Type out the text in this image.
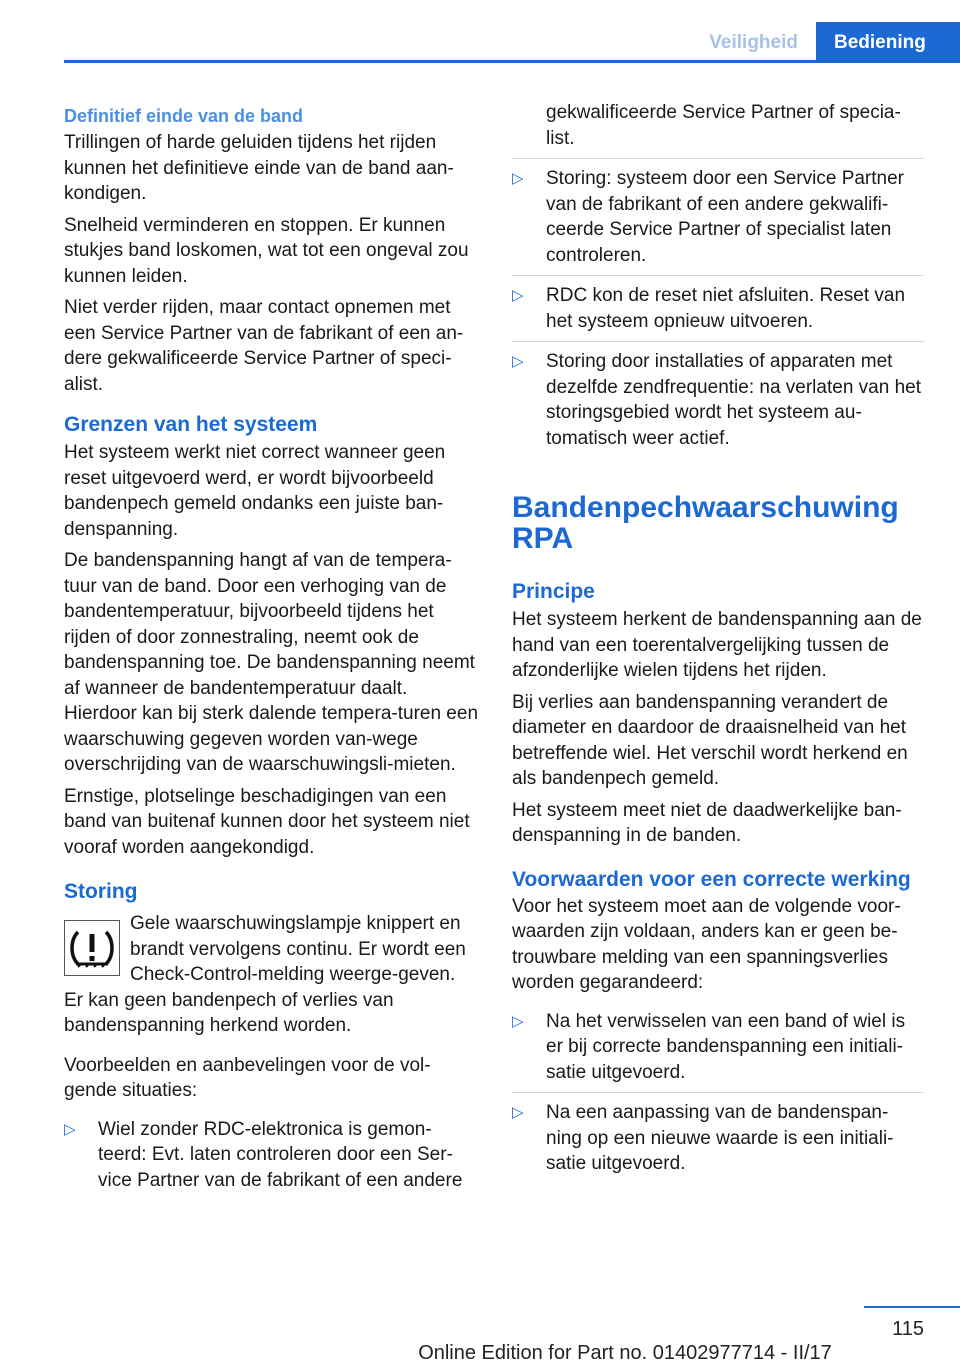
Veiligheid	Bediening
Definitief einde van de band

Trillingen of harde geluiden tijdens het rijden kunnen het definitieve einde van de band aan-kondigen.

Snelheid verminderen en stoppen. Er kunnen stukjes band loskomen, wat tot een ongeval zou kunnen leiden.

Niet verder rijden, maar contact opnemen met een Service Partner van de fabrikant of een an-dere gekwalificeerde Service Partner of speci-alist.

Grenzen van het systeem

Het systeem werkt niet correct wanneer geen reset uitgevoerd werd, er wordt bijvoorbeeld bandenpech gemeld ondanks een juiste ban-denspanning.

De bandenspanning hangt af van de tempera-tuur van de band. Door een verhoging van de bandentemperatuur, bijvoorbeeld tijdens het rijden of door zonnestraling, neemt ook de bandenspanning toe. De bandenspanning neemt af wanneer de bandentemperatuur daalt. Hierdoor kan bij sterk dalende tempera-turen een waarschuwing gegeven worden van-wege overschrijding van de waarschuwingsli-mieten.

Ernstige, plotselinge beschadigingen van een band van buitenaf kunnen door het systeem niet vooraf worden aangekondigd.

Storing

Gele waarschuwingslampje knippert en brandt vervolgens continu. Er wordt een Check-Control-melding weerge-geven. Er kan geen bandenpech of verlies van bandenspanning herkend worden.

Voorbeelden en aanbevelingen voor de vol-gende situaties:

▷ Wiel zonder RDC-elektronica is gemon-teerd: Evt. laten controleren door een Ser-vice Partner van de fabrikant of een andere
gekwalificeerde Service Partner of specia-list.
▷ Storing: systeem door een Service Partner van de fabrikant of een andere gekwalifi-ceerde Service Partner of specialist laten controleren.
▷ RDC kon de reset niet afsluiten. Reset van het systeem opnieuw uitvoeren.
▷ Storing door installaties of apparaten met dezelfde zendfrequentie: na verlaten van het storingsgebied wordt het systeem au-tomatisch weer actief.
Bandenpechwaarschuwing RPA
Principe

Het systeem herkent de bandenspanning aan de hand van een toerentalvergelijking tussen de afzonderlijke wielen tijdens het rijden.

Bij verlies aan bandenspanning verandert de diameter en daardoor de draaisnelheid van het betreffende wiel. Het verschil wordt herkend en als bandenpech gemeld.

Het systeem meet niet de daadwerkelijke ban-denspanning in de banden.

Voorwaarden voor een correcte werking

Voor het systeem moet aan de volgende voor-waarden zijn voldaan, anders kan er geen be-trouwbare melding van een spanningsverlies worden gegarandeerd:

▷ Na het verwisselen van een band of wiel is er bij correcte bandenspanning een initiali-satie uitgevoerd.
▷ Na een aanpassing van de bandenspan-ning op een nieuwe waarde is een initiali-satie uitgevoerd.
115
Online Edition for Part no. 01402977714 - II/17
